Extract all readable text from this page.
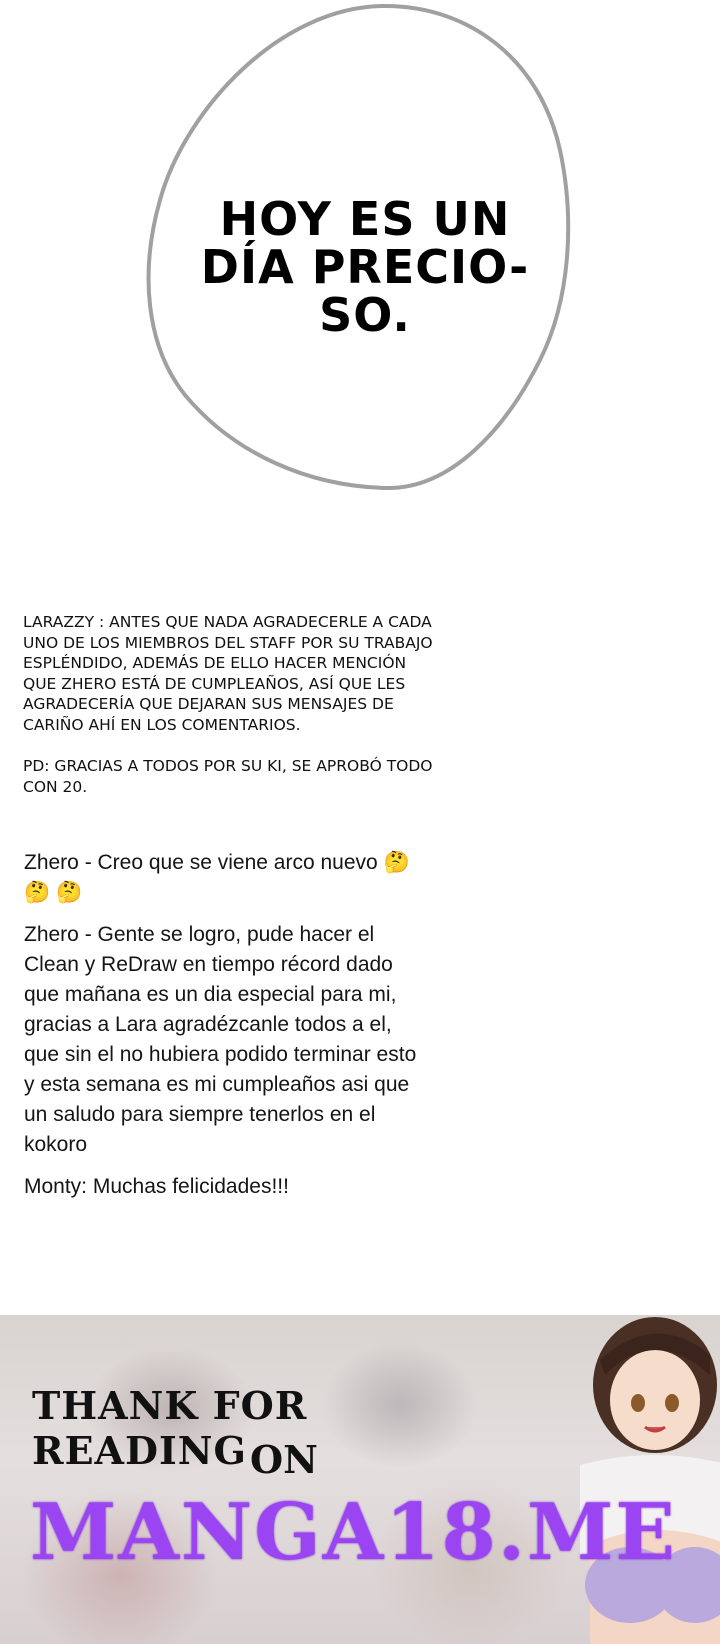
HOY ES UN
DÍA PRECIO-
SO.

LARAZZY : ANTES QUE NADA AGRADECERLE A CADA UNO DE LOS MIEMBROS DEL STAFF POR SU TRABAJO ESPLÉNDIDO, ADEMÁS DE ELLO HACER MENCIÓN QUE ZHERO ESTÁ DE CUMPLEAÑOS, ASÍ QUE LES AGRADECERÍA QUE DEJARAN SUS MENSAJES DE CARIÑO AHÍ EN LOS COMENTARIOS.

PD: GRACIAS A TODOS POR SU KI, SE APROBÓ TODO CON 20.

Zhero - Creo que se viene arco nuevo 🤔 🤔 🤔

Zhero - Gente se logro, pude hacer el Clean y ReDraw en tiempo récord dado que mañana es un dia especial para mi, gracias a Lara agradézcanle todos a el, que sin el no hubiera podido terminar esto y esta semana es mi cumpleaños asi que un saludo para siempre tenerlos en el kokoro

Monty: Muchas felicidades!!!

THANK FOR READING ON
MANGA18.ME
